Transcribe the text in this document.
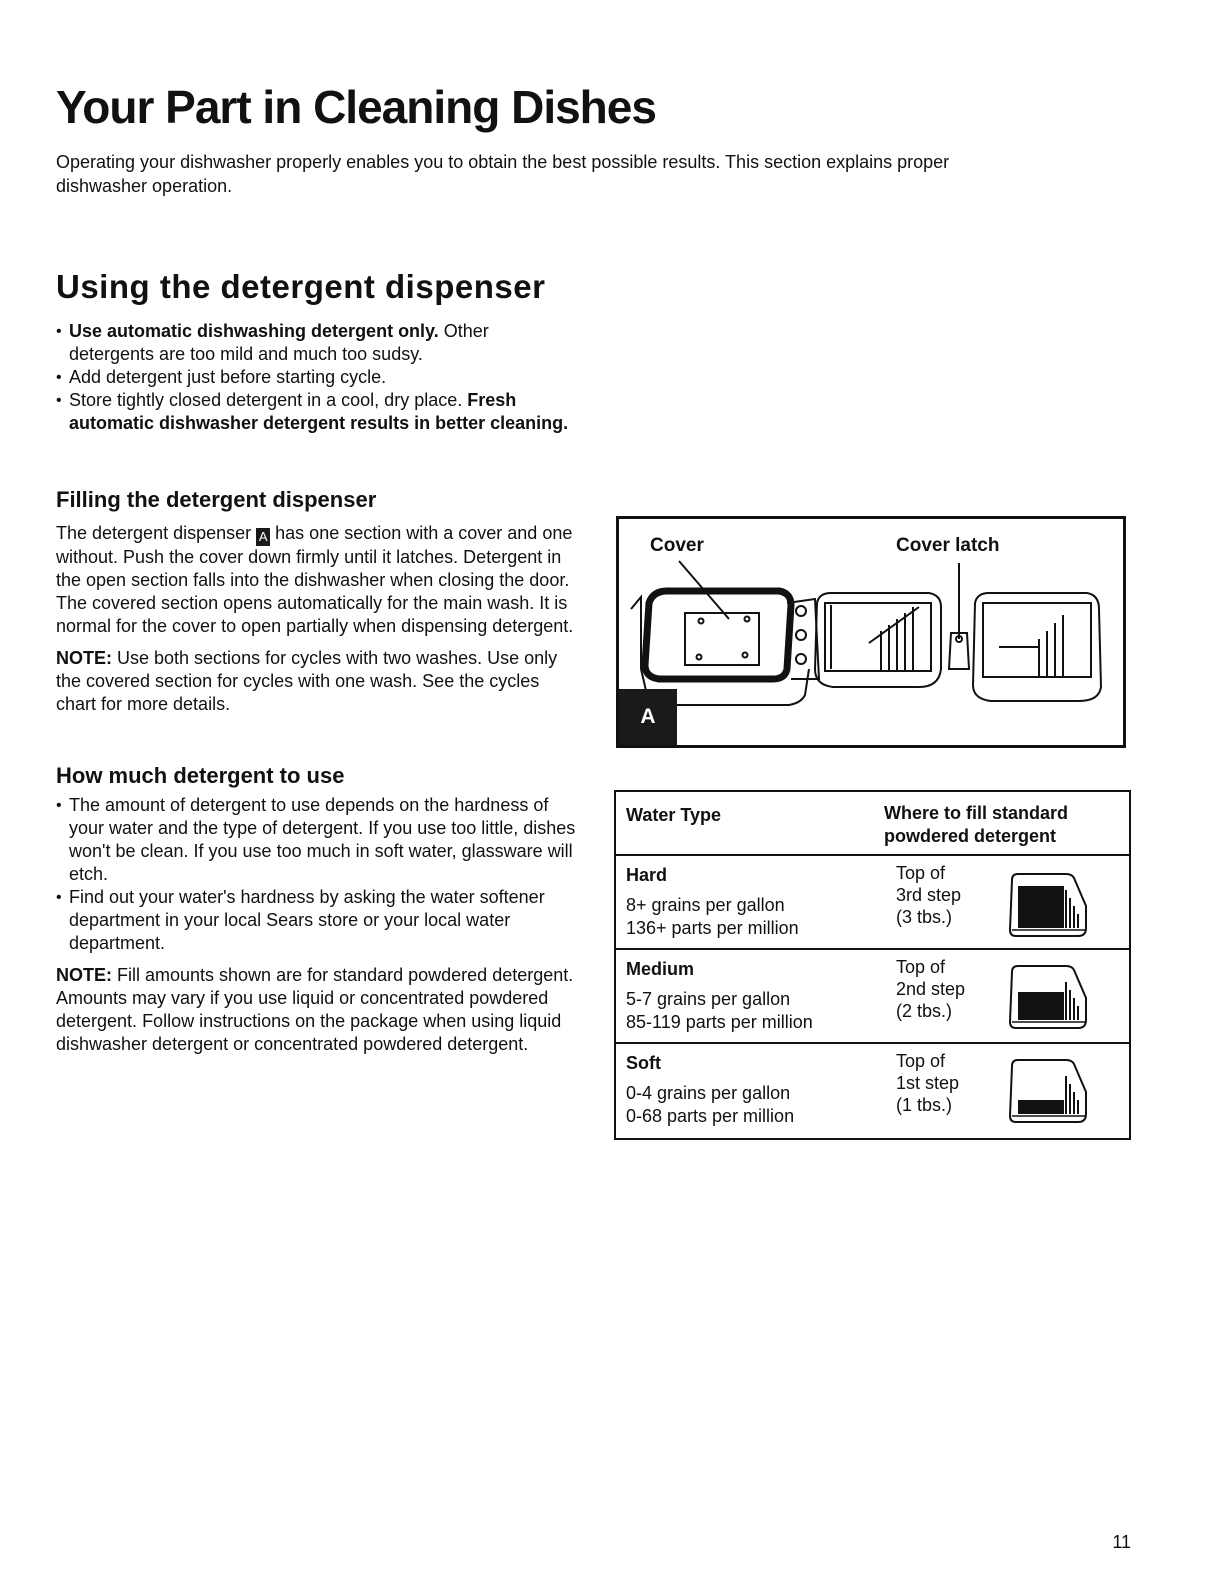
Your Part in Cleaning Dishes

Operating your dishwasher properly enables you to obtain the best possible results. This section explains proper
dishwasher operation.

Using the detergent dispenser
• Use automatic dishwashing detergent only. Other detergents are too mild and much too sudsy.
• Add detergent just before starting cycle.
• Store tightly closed detergent in a cool, dry place. Fresh automatic dishwasher detergent results in better cleaning.
Filling the detergent dispenser

The detergent dispenser A has one section with a cover and one without. Push the cover down firmly until it latches. Detergent in the open section falls into the dishwasher when closing the door. The covered section opens automatically for the main wash. It is normal for the cover to open partially when dispensing detergent.

NOTE: Use both sections for cycles with two washes. Use only the covered section for cycles with one wash. See the cycles chart for more details.

How much detergent to use
• The amount of detergent to use depends on the hardness of your water and the type of detergent. If you use too little, dishes won't be clean. If you use too much in soft water, glassware will etch.
• Find out your water's hardness by asking the water softener department in your local Sears store or your local water department.

NOTE: Fill amounts shown are for standard powdered detergent. Amounts may vary if you use liquid or concentrated powdered detergent. Follow instructions on the package when using liquid dishwasher detergent or concentrated powdered detergent.

Cover	Cover latch
A
Water Type	Where to fill standard powdered detergent
Hard
8+ grains per gallon
136+ parts per million
Top of
3rd step
(3 tbs.)
Medium
5-7 grains per gallon
85-119 parts per million
Top of
2nd step
(2 tbs.)
Soft
0-4 grains per gallon
0-68 parts per million
Top of
1st step
(1 tbs.)
11
